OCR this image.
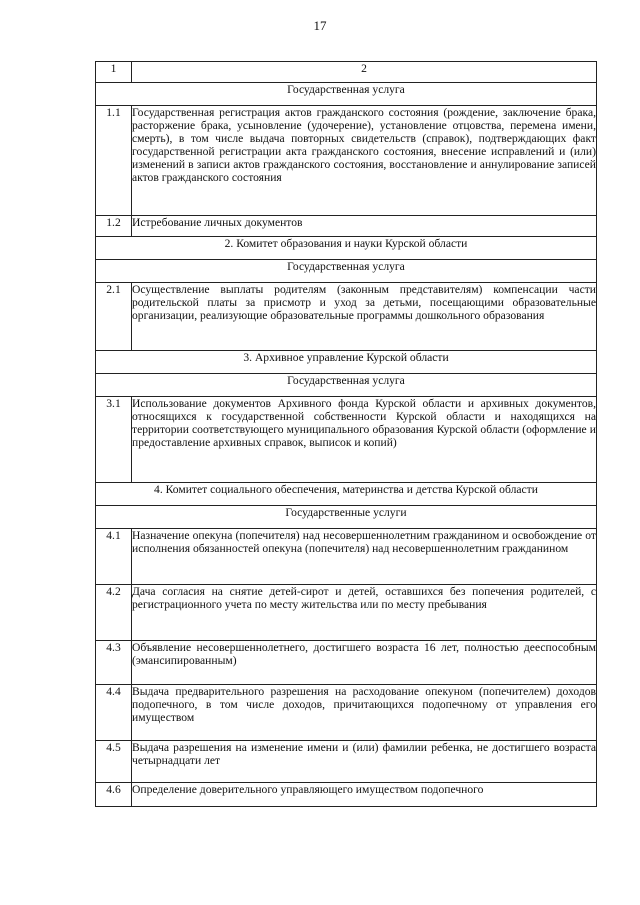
17
1	2
Государственная услуга	
1.1	Государственная регистрация актов гражданского состояния (рождение, заключение брака, расторжение брака, усыновление (удочерение), установление отцовства, перемена имени, смерть), в том числе выдача повторных свидетельств (справок), подтверждающих факт государственной регистрации акта гражданского состояния, внесение исправлений и (или) изменений в записи актов гражданского состояния, восстановление и аннулирование записей актов гражданского состояния
1.2	Истребование личных документов
2. Комитет образования и науки Курской области	
Государственная услуга	
2.1	Осуществление выплаты родителям (законным представителям) компенсации части родительской платы за присмотр и уход за детьми, посещающими образовательные организации, реализующие образовательные программы дошкольного образования
3. Архивное управление Курской области	
Государственная услуга	
3.1	Использование документов Архивного фонда Курской области и архивных документов, относящихся к государственной собственности Курской области и находящихся на территории соответствующего муниципального образования Курской области (оформление и предоставление архивных справок, выписок и копий)
4. Комитет социального обеспечения, материнства и детства Курской области	
Государственные услуги	
4.1	Назначение опекуна (попечителя) над несовершеннолетним гражданином и освобождение от исполнения обязанностей опекуна (попечителя) над несовершеннолетним гражданином
4.2	Дача согласия на снятие детей-сирот и детей, оставшихся без попечения родителей, с регистрационного учета по месту жительства или по месту пребывания
4.3	Объявление несовершеннолетнего, достигшего возраста 16 лет, полностью дееспособным (эмансипированным)
4.4	Выдача предварительного разрешения на расходование опекуном (попечителем) доходов подопечного, в том числе доходов, причитающихся подопечному от управления его имуществом
4.5	Выдача разрешения на изменение имени и (или) фамилии ребенка, не достигшего возраста четырнадцати лет
4.6	Определение доверительного управляющего имуществом подопечного
